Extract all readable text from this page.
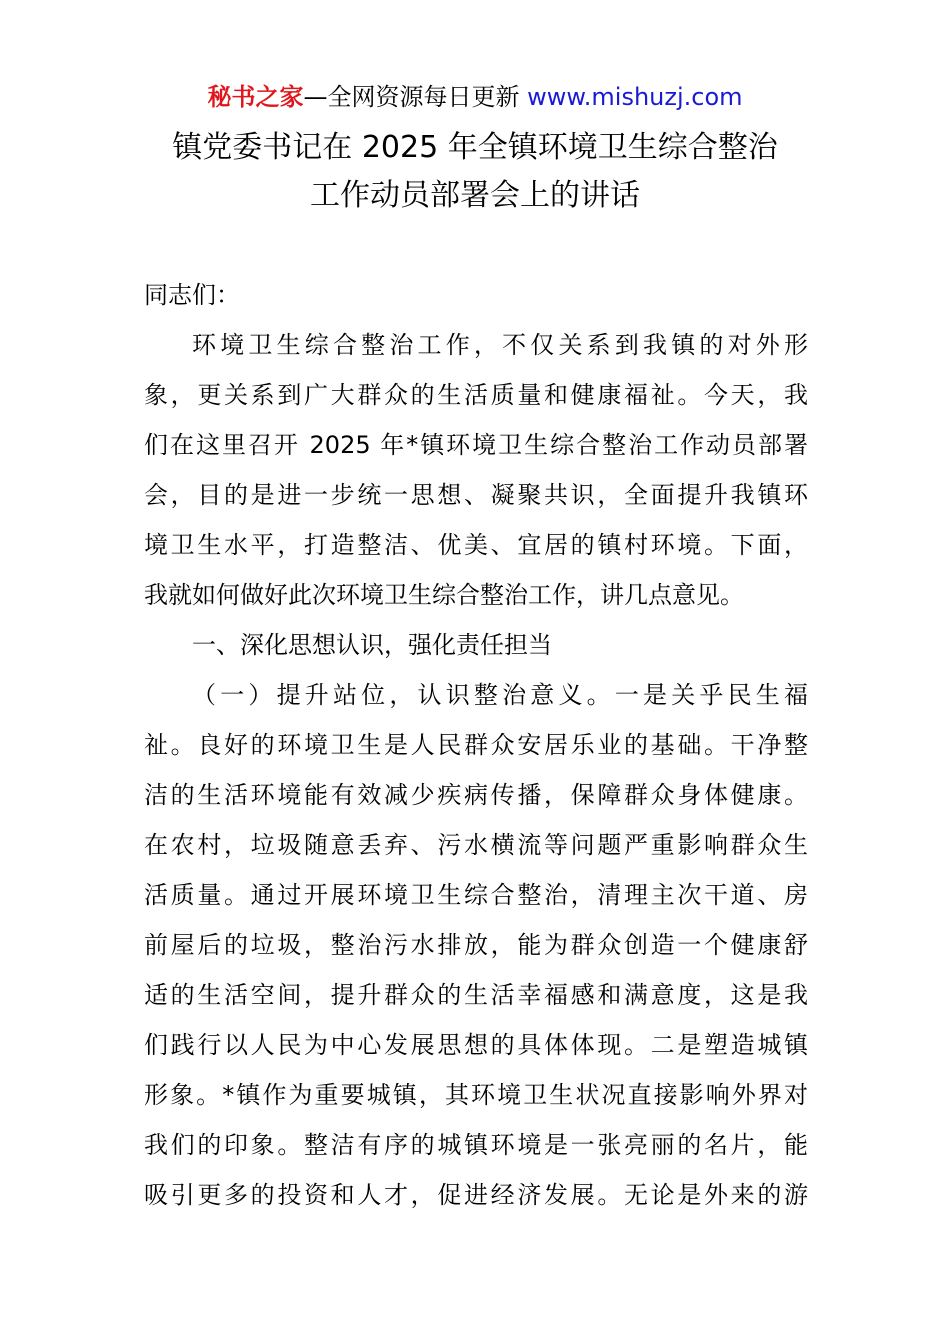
秘书之家—全网资源每日更新 www.mishuzj.com
镇党委书记在 2025 年全镇环境卫生综合整治
工作动员部署会上的讲话
同志们：
环境卫生综合整治工作，不仅关系到我镇的对外形
象，更关系到广大群众的生活质量和健康福祉。今天，我
们在这里召开 2025 年*镇环境卫生综合整治工作动员部署
会，目的是进一步统一思想、凝聚共识，全面提升我镇环
境卫生水平，打造整洁、优美、宜居的镇村环境。下面，
我就如何做好此次环境卫生综合整治工作，讲几点意见。
一、深化思想认识，强化责任担当
（一）提升站位，认识整治意义。一是关乎民生福
祉。良好的环境卫生是人民群众安居乐业的基础。干净整
洁的生活环境能有效减少疾病传播，保障群众身体健康。
在农村，垃圾随意丢弃、污水横流等问题严重影响群众生
活质量。通过开展环境卫生综合整治，清理主次干道、房
前屋后的垃圾，整治污水排放，能为群众创造一个健康舒
适的生活空间，提升群众的生活幸福感和满意度，这是我
们践行以人民为中心发展思想的具体体现。二是塑造城镇
形象。*镇作为重要城镇，其环境卫生状况直接影响外界对
我们的印象。整洁有序的城镇环境是一张亮丽的名片，能
吸引更多的投资和人才，促进经济发展。无论是外来的游
